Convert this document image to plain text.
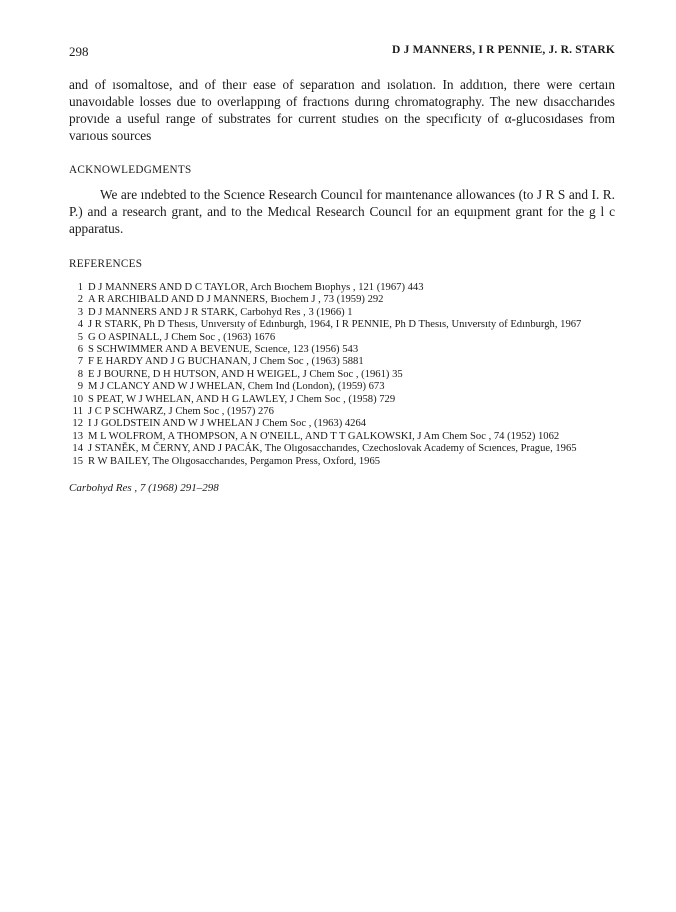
298	D J MANNERS, I R PENNIE, J. R. STARK

and of ısomaltose, and of theır ease of separatıon and ısolatıon. In addıtıon, there were certaın unavoıdable losses due to overlappıng of fractıons durıng chromatography. The new dısaccharıdes provıde a useful range of substrates for current studıes on the specıficıty of α-glucosıdases from varıous sources

ACKNOWLEDGMENTS

We are ındebted to the Scıence Research Councıl for maıntenance allowances (to J R S and I. R. P.) and a research grant, and to the Medıcal Research Councıl for an equıpment grant for the g l c apparatus.

REFERENCES
1 D J MANNERS AND D C TAYLOR, Arch Bıochem Bıophys , 121 (1967) 443
2 A R ARCHIBALD AND D J MANNERS, Bıochem J , 73 (1959) 292
3 D J MANNERS AND J R STARK, Carbohyd Res , 3 (1966) 1
4 J R STARK, Ph D Thesıs, Unıversıty of Edınburgh, 1964, I R PENNIE, Ph D Thesıs, Unıversıty of Edınburgh, 1967
5 G O ASPINALL, J Chem Soc , (1963) 1676
6 S SCHWIMMER AND A BEVENUE, Scıence, 123 (1956) 543
7 F E HARDY AND J G BUCHANAN, J Chem Soc , (1963) 5881
8 E J BOURNE, D H HUTSON, AND H WEIGEL, J Chem Soc , (1961) 35
9 M J CLANCY AND W J WHELAN, Chem Ind (London), (1959) 673
10 S PEAT, W J WHELAN, AND H G LAWLEY, J Chem Soc , (1958) 729
11 J C P SCHWARZ, J Chem Soc , (1957) 276
12 I J GOLDSTEIN AND W J WHELAN J Chem Soc , (1963) 4264
13 M L WOLFROM, A THOMPSON, A N O'NEILL, AND T T GALKOWSKI, J Am Chem Soc , 74 (1952) 1062
14 J STANĚK, M ČERNY, AND J PACÁK, The Olıgosaccharıdes, Czechoslovak Academy of Scıences, Prague, 1965
15 R W BAILEY, The Olıgosaccharıdes, Pergamon Press, Oxford, 1965
Carbohyd Res , 7 (1968) 291–298
